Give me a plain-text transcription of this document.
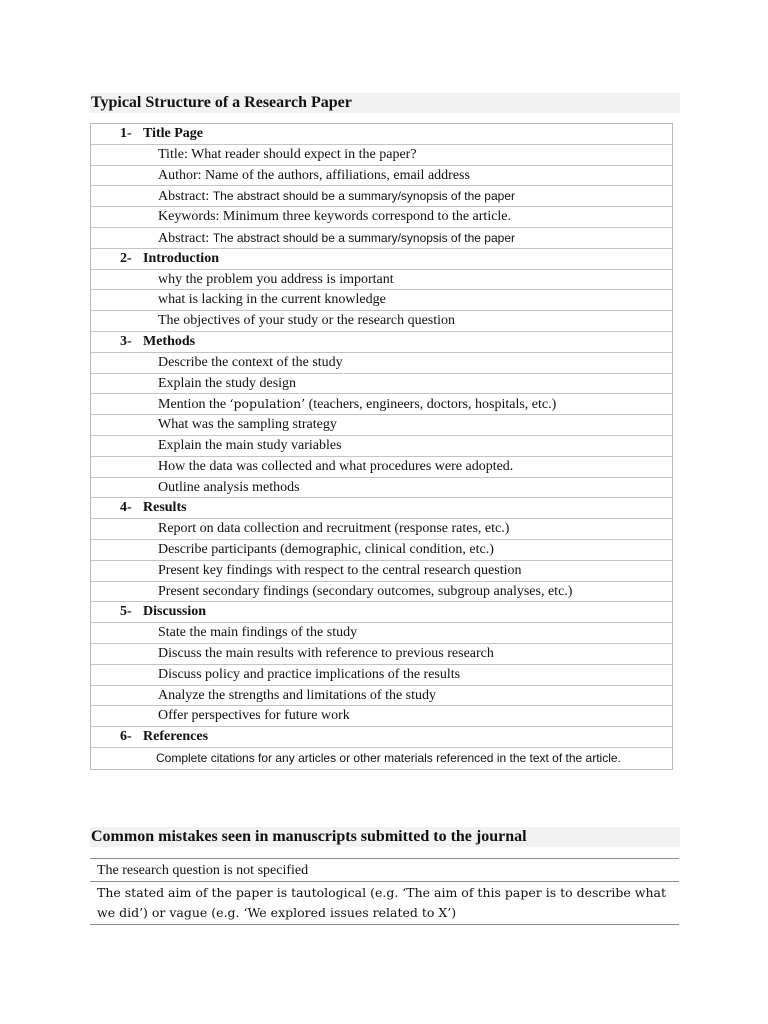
Typical Structure of a Research Paper
1- Title Page
Title: What reader should expect in the paper?
Author: Name of the authors, affiliations, email address
Abstract: The abstract should be a summary/synopsis of the paper
Keywords: Minimum three keywords correspond to the article.
Abstract: The abstract should be a summary/synopsis of the paper
2- Introduction
why the problem you address is important
what is lacking in the current knowledge
The objectives of your study or the research question
3- Methods
Describe the context of the study
Explain the study design
Mention the ‘population’ (teachers, engineers, doctors, hospitals, etc.)
What was the sampling strategy
Explain the main study variables
How the data was collected and what procedures were adopted.
Outline analysis methods
4- Results
Report on data collection and recruitment (response rates, etc.)
Describe participants (demographic, clinical condition, etc.)
Present key findings with respect to the central research question
Present secondary findings (secondary outcomes, subgroup analyses, etc.)
5- Discussion
State the main findings of the study
Discuss the main results with reference to previous research
Discuss policy and practice implications of the results
Analyze the strengths and limitations of the study
Offer perspectives for future work
6- References
Complete citations for any articles or other materials referenced in the text of the article.
Common mistakes seen in manuscripts submitted to the journal
The research question is not specified
The stated aim of the paper is tautological (e.g. ‘The aim of this paper is to describe what we did’) or vague (e.g. ‘We explored issues related to X’)
